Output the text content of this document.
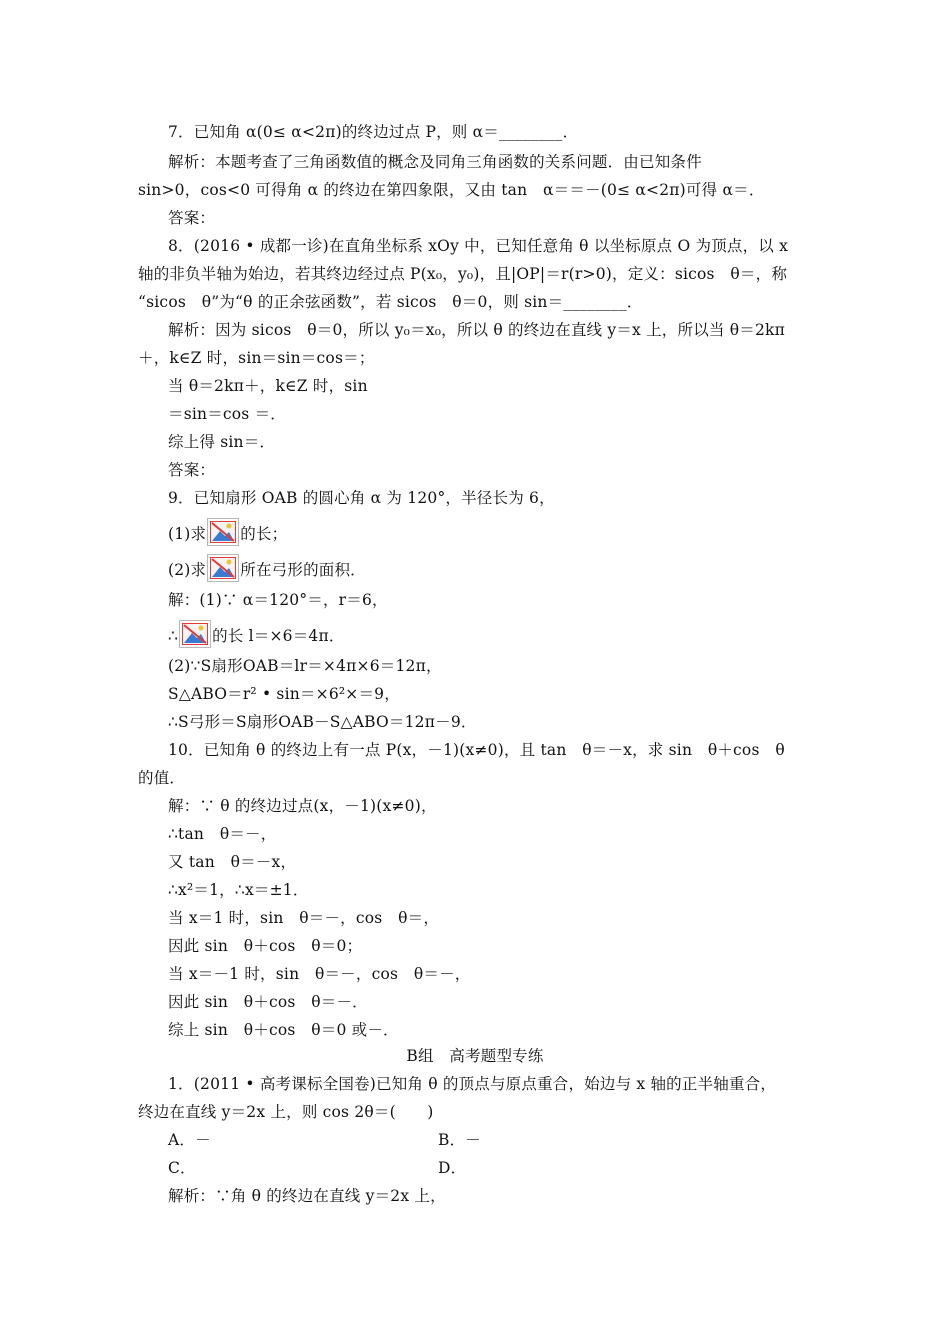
7．已知角 α(0≤ α<2π)的终边过点 P，则 α＝________．
解析：本题考查了三角函数值的概念及同角三角函数的关系问题．由已知条件
sin>0，cos<0 可得角 α 的终边在第四象限，又由 tan　α＝＝－(0≤ α<2π)可得 α＝．
答案：
8．(2016 • 成都一诊)在直角坐标系 xOy 中，已知任意角 θ 以坐标原点 O 为顶点，以 x
轴的非负半轴为始边，若其终边经过点 P(x₀，y₀)，且|OP|＝r(r>0)，定义：sicos　θ＝，称
“sicos　θ”为“θ 的正余弦函数”，若 sicos　θ＝0，则 sin＝________．
解析：因为 sicos　θ＝0，所以 y₀＝x₀，所以 θ 的终边在直线 y＝x 上，所以当 θ＝2kπ
＋，k∈Z 时，sin＝sin＝cos＝；
当 θ＝2kπ＋，k∈Z 时，sin
＝sin＝cos ＝．
综上得 sin＝．
答案：
9．已知扇形 OAB 的圆心角 α 为 120°，半径长为 6，
(1)求 的长；
(2)求 所在弓形的面积．
解：(1)∵ α＝120°＝，r＝6，
∴ 的长 l＝×6＝4π．
(2)∵S扇形OAB＝lr＝×4π×6＝12π，
S△ABO＝r² • sin＝×6²×＝9，
∴S弓形＝S扇形OAB－S△ABO＝12π－9．
10．已知角 θ 的终边上有一点 P(x，－1)(x≠0)，且 tan　θ＝－x，求 sin　θ＋cos　θ
的值．
解：∵ θ 的终边过点(x，－1)(x≠0)，
∴tan　θ＝－，
又 tan　θ＝－x，
∴x²＝1，∴x＝±1．
当 x＝1 时，sin　θ＝－，cos　θ＝，
因此 sin　θ＋cos　θ＝0；
当 x＝－1 时，sin　θ＝－，cos　θ＝－，
因此 sin　θ＋cos　θ＝－．
综上 sin　θ＋cos　θ＝0 或－．
B组　高考题型专练
1．(2011 • 高考课标全国卷)已知角 θ 的顶点与原点重合，始边与 x 轴的正半轴重合，
终边在直线 y＝2x 上，则 cos 2θ＝(　　)
A．－	B．－
C．	D．
解析：∵角 θ 的终边在直线 y＝2x 上，
